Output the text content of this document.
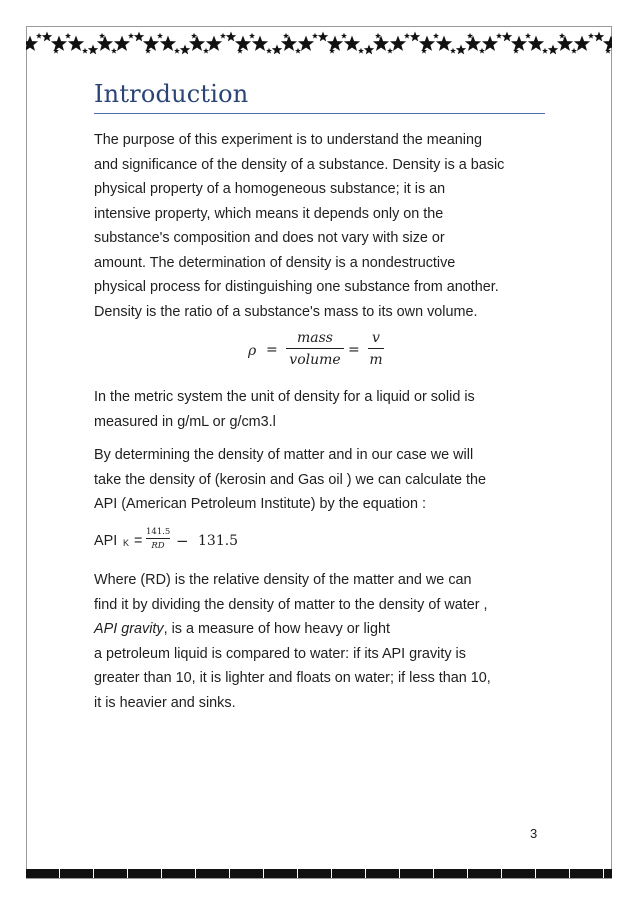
Introduction

The purpose of this experiment is to understand the meaning

and significance of the density of a substance. Density is a basic

physical property of a homogeneous substance; it is an

intensive property, which means it depends only on the

substance's composition and does not vary with size or

amount. The determination of density is a nondestructive

physical process for distinguishing one substance from another.

Density is the ratio of a substance's mass to its own volume.

ρ =
mass
volume
=
v
m

In the metric system the unit of density for a liquid or solid is

measured in g/mL or g/cm3.l

By determining the density of matter and in our case we will

take the density of (kerosin and Gas oil ) we can calculate the

API (American Petroleum Institute) by the equation :

API K =
141.5
RD − 131.5

Where (RD) is the relative density of the matter and we can

find it by dividing the density of matter to the density of water ,

API gravity, is a measure of how heavy or light

a petroleum liquid is compared to water: if its API gravity is

greater than 10, it is lighter and floats on water; if less than 10,

it is heavier and sinks.

3
